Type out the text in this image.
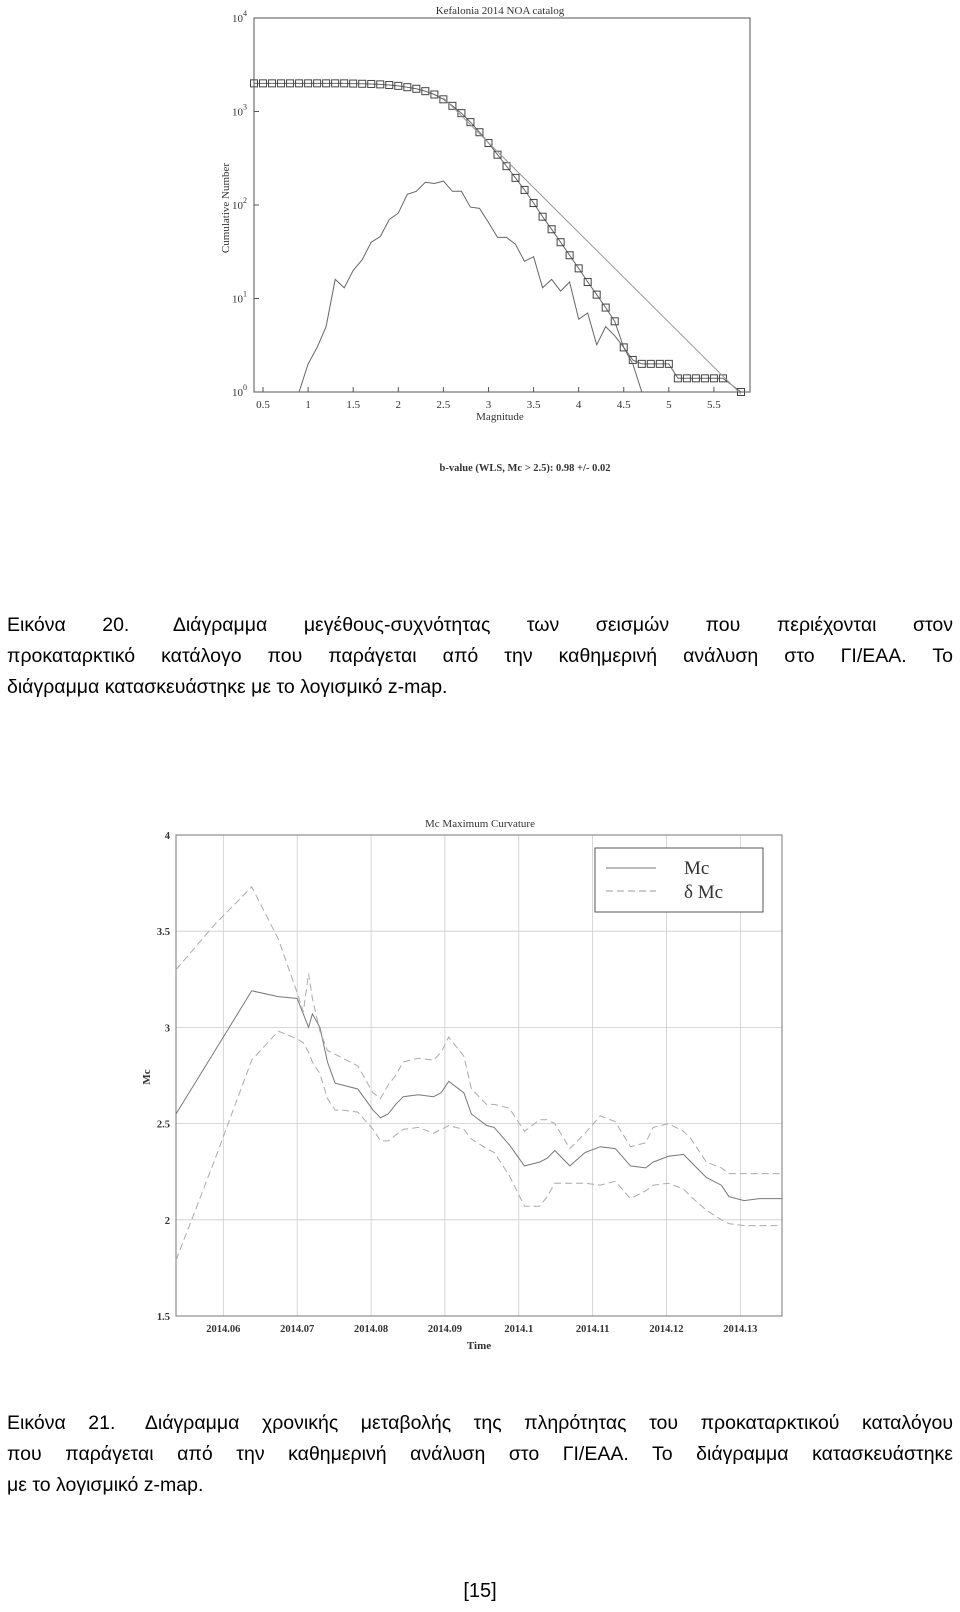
Kefalonia 2014 NOA catalog
0.5	1	1.5	2	2.5	3	3.5	4	4.5	5	5.5
$10^0$
$10^1$
$10^2$
$10^3$
$10^4$
Magnitude
Cumulative Number
b-value (WLS, Mc > 2.5): 0.98 +/- 0.02
Εικόνα 20. Διάγραμμα μεγέθους-συχνότητας των σεισμών που περιέχονται στον
προκαταρκτικό κατάλογο που παράγεται από την καθημερινή ανάλυση στο ΓΙ/ΕΑΑ. Το
διάγραμμα κατασκευάστηκε με το λογισμικό z-map.
Mc Maximum Curvature
2014.06	2014.07	2014.08	2014.09	2014.1	2014.11	2014.12	2014.13
1.5
2
2.5
3
3.5
4
Mc
δ Mc
Time
Mc
Εικόνα 21. Διάγραμμα χρονικής μεταβολής της πληρότητας του προκαταρκτικού καταλόγου
που παράγεται από την καθημερινή ανάλυση στο ΓΙ/ΕΑΑ. Το διάγραμμα κατασκευάστηκε
με το λογισμικό z-map.
[15]
